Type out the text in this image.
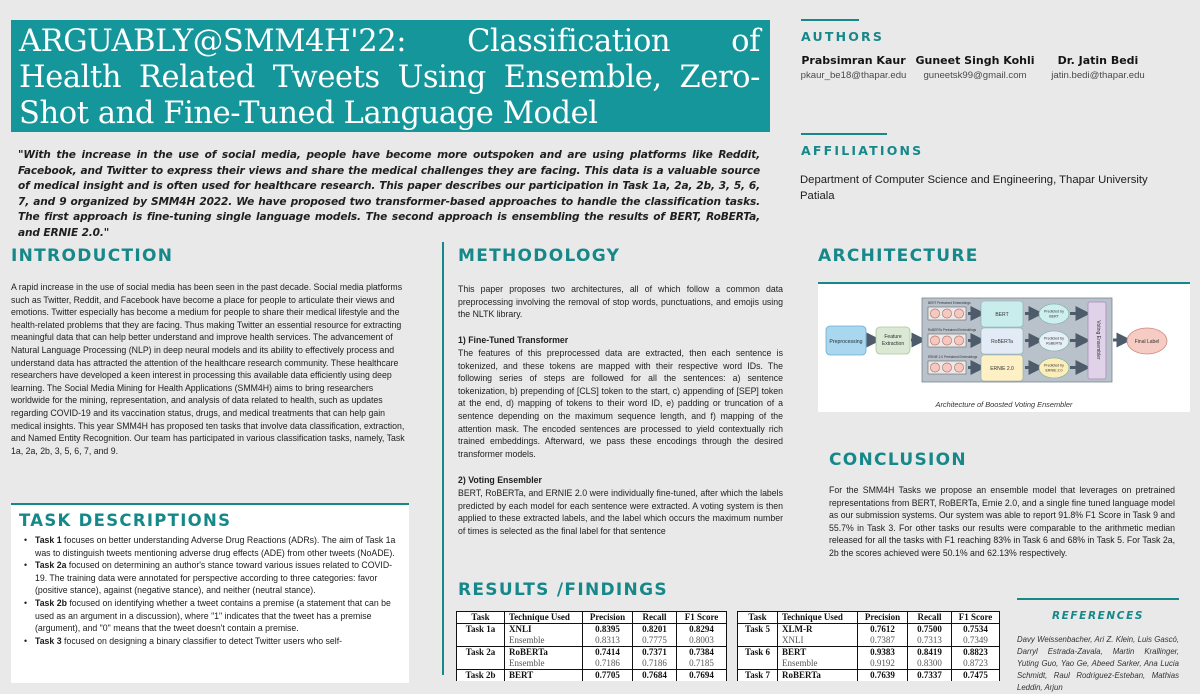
ARGUABLY@SMM4H'22: Classification of Health Related Tweets Using Ensemble, Zero-Shot and Fine-Tuned Language Model
"With the increase in the use of social media, people have become more outspoken and are using platforms like Reddit, Facebook, and Twitter to express their views and share the medical challenges they are facing. This data is a valuable source of medical insight and is often used for healthcare research. This paper describes our participation in Task 1a, 2a, 2b, 3, 5, 6, 7, and 9 organized by SMM4H 2022. We have proposed two transformer-based approaches to handle the classification tasks. The first approach is fine-tuning single language models. The second approach is ensembling the results of BERT, RoBERTa, and ERNIE 2.0."
AUTHORS
Prabsimran Kaur
pkaur_be18@thapar.edu
Guneet Singh Kohli
guneetsk99@gmail.com
Dr. Jatin Bedi
jatin.bedi@thapar.edu
AFFILIATIONS
Department of Computer Science and Engineering, Thapar University Patiala
INTRODUCTION
A rapid increase in the use of social media has been seen in the past decade. Social media platforms such as Twitter, Reddit, and Facebook have become a place for people to articulate their views and emotions. Twitter especially has become a medium for people to share their medical lifestyle and the health-related problems that they are facing. Thus making Twitter an essential resource for extracting meaningful data that can help better understand and improve health services. The advancement of Natural Language Processing (NLP) in deep neural models and its ability to effectively process and understand data has attracted the attention of the healthcare research community. These healthcare researchers have developed a keen interest in processing this available data efficiently using deep learning. The Social Media Mining for Health Applications (SMM4H) aims to bring researchers worldwide for the mining, representation, and analysis of data related to health, such as updates regarding COVID-19 and its vaccination status, drugs, and medical treatments that can help gain medical insights. This year SMM4H has proposed ten tasks that involve data classification, extraction, and Named Entity Recognition. Our team has participated in various classification tasks, namely, Task 1a, 2a, 2b, 3, 5, 6, 7, and 9.
TASK DESCRIPTIONS
• Task 1 focuses on better understanding Adverse Drug Reactions (ADRs). The aim of Task 1a was to distinguish tweets mentioning adverse drug effects (ADE) from other tweets (NoADE).
• Task 2a focused on determining an author's stance toward various issues related to COVID-19. The training data were annotated for perspective according to three categories: favor (positive stance), against (negative stance), and neither (neutral stance).
• Task 2b focused on identifying whether a tweet contains a premise (a statement that can be used as an argument in a discussion), where "1" indicates that the tweet has a premise (argument), and "0" means that the tweet doesn't contain a premise.
• Task 3 focused on designing a binary classifier to detect Twitter users who self-
METHODOLOGY
This paper proposes two architectures, all of which follow a common data preprocessing involving the removal of stop words, punctuations, and emojis using the NLTK library.
1) Fine-Tuned Transformer
The features of this preprocessed data are extracted, then each sentence is tokenized, and these tokens are mapped with their respective word IDs. The following series of steps are followed for all the sentences: a) sentence tokenization, b) prepending of [CLS] token to the start, c) appending of [SEP] token at the end, d) mapping of tokens to their word ID, e) padding or truncation of a sentence depending on the maximum sequence length, and f) mapping of the attention mask. The encoded sentences are processed to yield contextually rich trained embeddings. Afterward, we pass these encodings through the desired transformer models.
2) Voting Ensembler
BERT, RoBERTa, and ERNIE 2.0 were individually fine-tuned, after which the labels predicted by each model for each sentence were extracted. A voting system is then applied to these extracted labels, and the label which occurs the maximum number of times is selected as the final label for that sentence
RESULTS /FINDINGS
Task	Technique Used	Precision	Recall	F1 Score
Task 1a	XNLI	0.8395	0.8201	0.8294
	Ensemble	0.8313	0.7775	0.8003
Task 2a	RoBERTa	0.7414	0.7371	0.7384
	Ensemble	0.7186	0.7186	0.7185
Task 2b	BERT	0.7705	0.7684	0.7694
Task	Technique Used	Precision	Recall	F1 Score
Task 5	XLM-R	0.7612	0.7500	0.7534
	XNLI	0.7387	0.7313	0.7349
Task 6	BERT	0.9383	0.8419	0.8823
	Ensemble	0.9192	0.8300	0.8723
Task 7	RoBERTa	0.7639	0.7337	0.7475
ARCHITECTURE
Preprocessing
Feature
Extraction
BERT Pretrained Embeddings
BERT
Predicted by
BERT
RoBERTa Pretrained Embeddings
RoBERTa
Predicted by
RoBERTa
ERNIE 2.0 Pretrained Embeddings
ERNIE 2.0
Predicted by
ERNIE 2.0
Voting Ensembler	Final Label
Architecture of Boosted Voting Ensembler
CONCLUSION
For the SMM4H Tasks we propose an ensemble model that leverages on pretrained representations from BERT, RoBERTa, Ernie 2.0, and a single fine tuned language model as our submission systems. Our system was able to report 91.8% F1 Score in Task 9 and 55.7% in Task 3. For other tasks our results were comparable to the arithmetic median released for all the tasks with F1 reaching 83% in Task 6 and 68% in Task 5. For Task 2a, 2b the scores achieved were 50.1% and 62.13% respectively.
REFERENCES
Davy Weissenbacher, Ari Z. Klein, Luis Gascó, Darryl Estrada-Zavala, Martin Krallinger, Yuting Guo, Yao Ge, Abeed Sarker, Ana Lucia Schmidt, Raul Rodriguez-Esteban, Mathias Leddin, Arjun
